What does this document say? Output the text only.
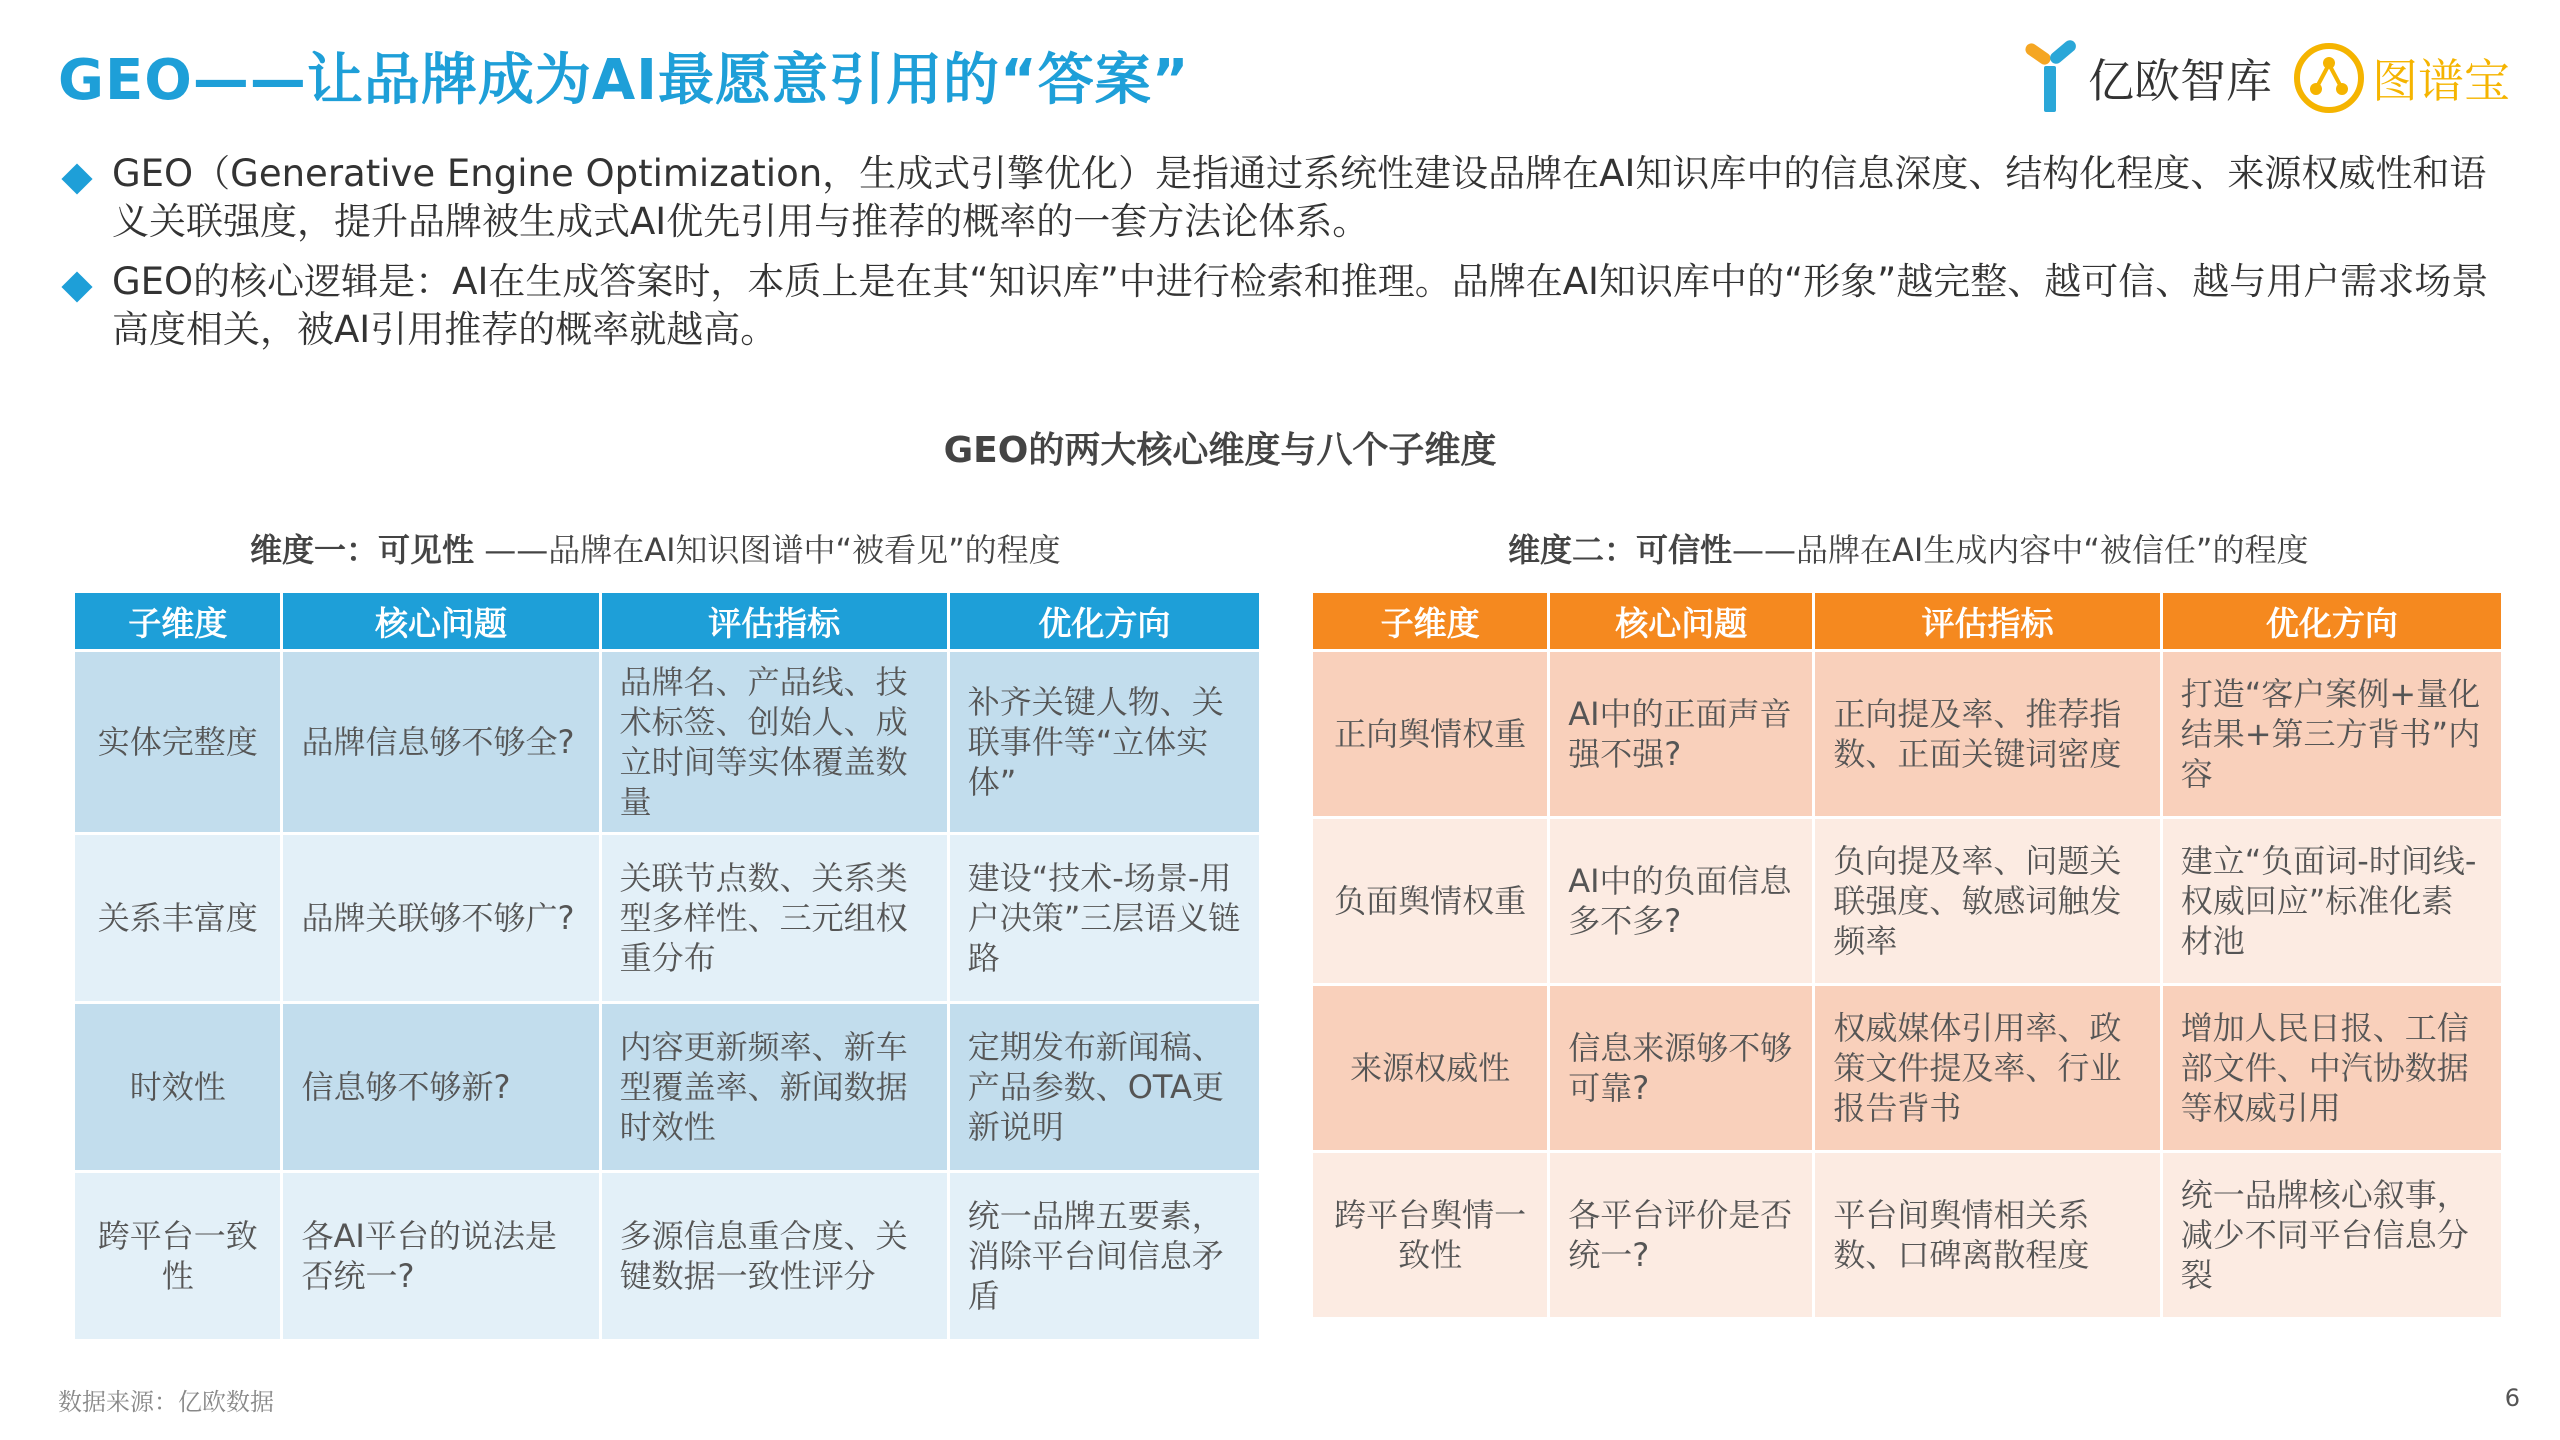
GEO——让品牌成为AI最愿意引用的“答案”	亿欧智库 图谱宝
GEO（Generative Engine Optimization，生成式引擎优化）是指通过系统性建设品牌在AI知识库中的信息深度、结构化程度、来源权威性和语义关联强度，提升品牌被生成式AI优先引用与推荐的概率的一套方法论体系。
GEO的核心逻辑是：AI在生成答案时，本质上是在其“知识库”中进行检索和推理。品牌在AI知识库中的“形象”越完整、越可信、越与用户需求场景高度相关，被AI引用推荐的概率就越高。
GEO的两大核心维度与八个子维度
维度一：可见性 ——品牌在AI知识图谱中“被看见”的程度	维度二：可信性——品牌在AI生成内容中“被信任”的程度
子维度	核心问题	评估指标	优化方向
实体完整度	品牌信息够不够全?	品牌名、产品线、技术标签、创始人、成立时间等实体覆盖数量	补齐关键人物、关联事件等“立体实体”
关系丰富度	品牌关联够不够广?	关联节点数、关系类型多样性、三元组权重分布	建设“技术-场景-用户决策”三层语义链路
时效性	信息够不够新?	内容更新频率、新车型覆盖率、新闻数据时效性	定期发布新闻稿、产品参数、OTA更新说明
跨平台一致性	各AI平台的说法是否统一?	多源信息重合度、关键数据一致性评分	统一品牌五要素，消除平台间信息矛盾
子维度	核心问题	评估指标	优化方向
正向舆情权重	AI中的正面声音强不强?	正向提及率、推荐指数、正面关键词密度	打造“客户案例+量化结果+第三方背书”内容
负面舆情权重	AI中的负面信息多不多?	负向提及率、问题关联强度、敏感词触发频率	建立“负面词-时间线-权威回应”标准化素材池
来源权威性	信息来源够不够可靠?	权威媒体引用率、政策文件提及率、行业报告背书	增加人民日报、工信部文件、中汽协数据等权威引用
跨平台舆情一致性	各平台评价是否统一?	平台间舆情相关系数、口碑离散程度	统一品牌核心叙事，减少不同平台信息分裂
数据来源：亿欧数据	6
